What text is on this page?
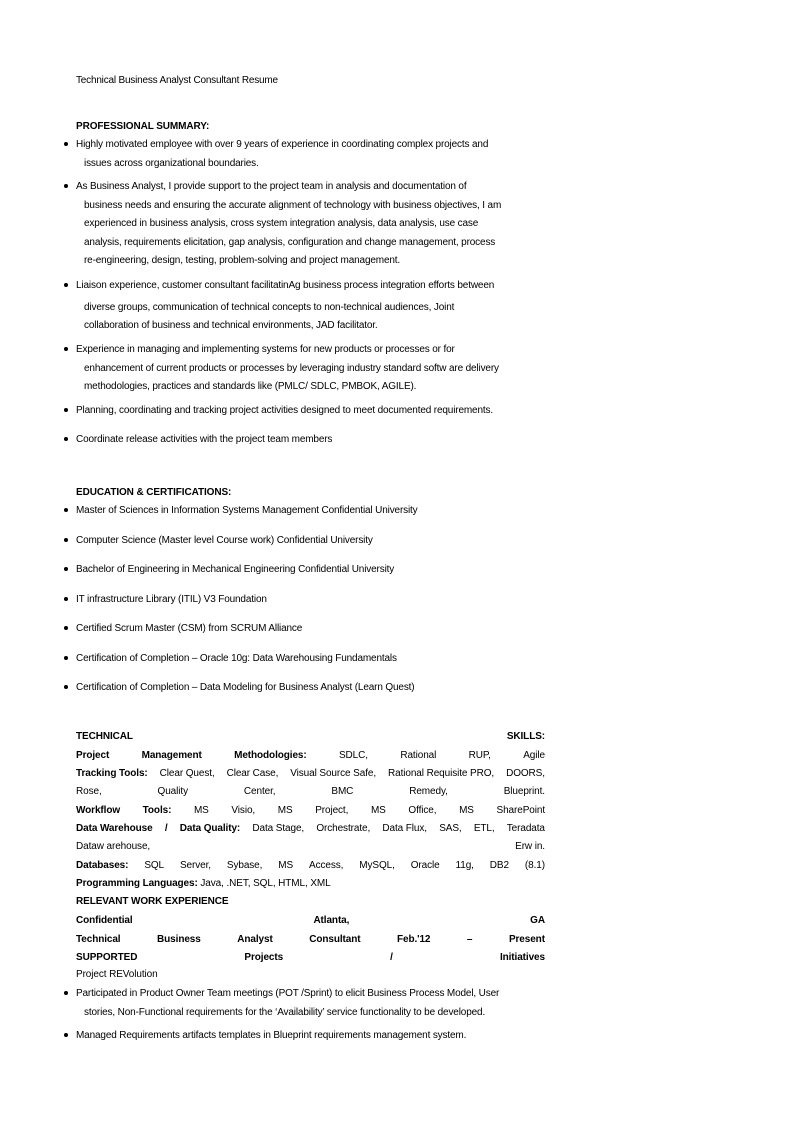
Technical Business Analyst Consultant Resume
PROFESSIONAL SUMMARY:
Highly motivated employee with over 9 years of experience in coordinating complex projects and
issues across organizational boundaries.
As Business Analyst, I provide support to the project team in analysis and documentation of
business needs and ensuring the accurate alignment of technology with business objectives, I am
experienced in business analysis, cross system integration analysis, data analysis, use case
analysis, requirements elicitation, gap analysis, configuration and change management, process
re-engineering, design, testing, problem-solving and project management.
Liaison experience, customer consultant facilitatinAg business process integration efforts between
diverse groups, communication of technical concepts to non-technical audiences, Joint
collaboration of business and technical environments, JAD facilitator.
Experience in managing and implementing systems for new products or processes or for
enhancement of current products or processes by leveraging industry standard softw are delivery
methodologies, practices and standards like (PMLC/ SDLC, PMBOK, AGILE).
Planning, coordinating and tracking project activities designed to meet documented requirements.
Coordinate release activities with the project team members
EDUCATION & CERTIFICATIONS:
Master of Sciences in Information Systems Management Confidential University
Computer Science (Master level Course work) Confidential University
Bachelor of Engineering in Mechanical Engineering Confidential University
IT infrastructure Library (ITIL) V3 Foundation
Certified Scrum Master (CSM) from SCRUM Alliance
Certification of Completion – Oracle 10g: Data Warehousing Fundamentals
Certification of Completion – Data Modeling for Business Analyst (Learn Quest)
TECHNICAL	SKILLS:
Project	Management	Methodologies:	SDLC,	Rational	RUP,	Agile
Tracking Tools: Clear Quest, Clear Case, Visual Source Safe, Rational Requisite PRO, DOORS,
Rose,	Quality	Center,	BMC	Remedy,	Blueprint.
Workflow Tools: MS Visio, MS Project, MS Office, MS SharePoint
Data Warehouse / Data Quality: Data Stage, Orchestrate, Data Flux, SAS, ETL, Teradata
Dataw arehouse,	Erw in.
Databases: SQL Server, Sybase, MS Access, MySQL, Oracle 11g, DB2 (8.1)
Programming Languages: Java, .NET, SQL, HTML, XML
RELEVANT WORK EXPERIENCE
Confidential	Atlanta,	GA
Technical	Business	Analyst	Consultant	Feb.'12	–	Present
SUPPORTED	Projects	/	Initiatives
Project REVolution
Participated in Product Owner Team meetings (POT /Sprint) to elicit Business Process Model, User
stories, Non-Functional requirements for the ‘Availability’ service functionality to be developed.
Managed Requirements artifacts templates in Blueprint requirements management system.
